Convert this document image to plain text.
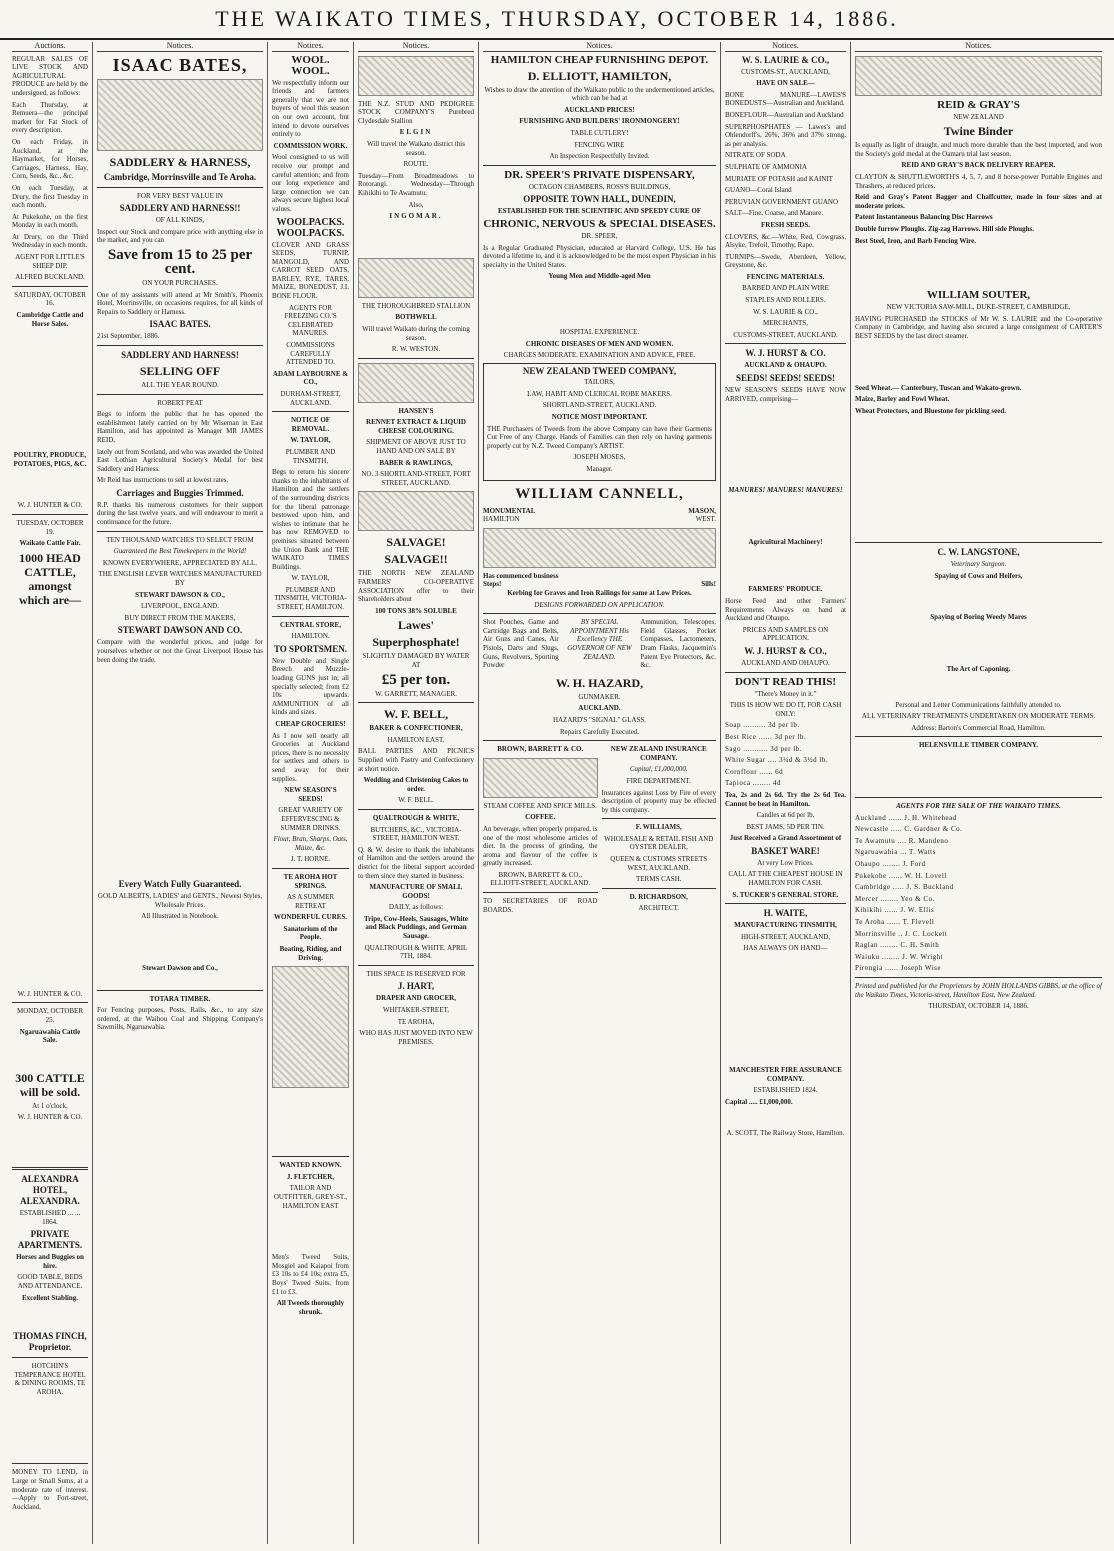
THE WAIKATO TIMES, THURSDAY, OCTOBER 14, 1886.
Auctions.

REGULAR SALES OF LIVE STOCK AND AGRICULTURAL PRODUCE are held by the undersigned, as follows:

Each Thursday, at Remuera—the principal market for Fat Stock of every description.

On each Friday, in Auckland, at the Haymarket, for Horses, Carriages, Harness, Hay, Corn, Seeds, &c., &c.

On each Tuesday, at Drury, the first Tuesday in each month.

At Pukekohe, on the first Monday in each month.

At Drury, on the Third Wednesday in each month.

AGENT FOR LITTLE'S SHEEP DIP.

ALFRED BUCKLAND.

SATURDAY, OCTOBER 16.

Cambridge Cattle and Horse Sales.

POULTRY, PRODUCE, POTATOES, PIGS, &C.

W. J. HUNTER & CO.

TUESDAY, OCTOBER 19.

Waikato Cattle Fair.

1000 HEAD CATTLE, amongst which are—

W. J. HUNTER & CO.

MONDAY, OCTOBER 25.

Ngaruawahia Cattle Sale.

300 CATTLE will be sold.

At 1 o'clock.

W. J. HUNTER & CO.

ALEXANDRA HOTEL, ALEXANDRA.

ESTABLISHED ... ... 1864.

PRIVATE APARTMENTS.

Horses and Buggies on hire.

GOOD TABLE, BEDS AND ATTENDANCE.

Excellent Stabling.

THOMAS FINCH, Proprietor.

HOTCHIN'S TEMPERANCE HOTEL & DINING ROOMS, TE AROHA.

MONEY TO LEND, in Large or Small Sums, at a moderate rate of interest.—Apply to Fort-street, Auckland.

Notices.
ISAAC BATES,
SADDLERY & HARNESS,
Cambridge, Morrinsville and Te Aroha.

FOR VERY BEST VALUE IN

SADDLERY AND HARNESS!!

OF ALL KINDS,

Inspect our Stock and compare price with anything else in the market, and you can

Save from 15 to 25 per cent.

ON YOUR PURCHASES.

One of my assistants will attend at Mr Smith's, Phoenix Hotel, Morrinsville, on occasions requires, for all kinds of Repairs to Saddlery or Harness.

ISAAC BATES.

21st September, 1886.

SADDLERY AND HARNESS!
SELLING OFF

ALL THE YEAR ROUND.

ROBERT PEAT

Begs to inform the public that he has opened the establishment lately carried on by Mr Wiseman in East Hamilton, and has appointed as Manager MR JAMES REID,

lately out from Scotland, and who was awarded the United East Lothian Agricultural Society's Medal for best Saddlery and Harness.

Mr Reid has instructions to sell at lowest rates.

Carriages and Buggies Trimmed.

R.P. thanks his numerous customers for their support during the last twelve years, and will endeavour to merit a continuance for the future.

TEN THOUSAND WATCHES TO SELECT FROM

Guaranteed the Best Timekeepers in the World!

KNOWN EVERYWHERE, APPRECIATED BY ALL.

THE ENGLISH LEVER WATCHES MANUFACTURED BY

STEWART DAWSON & CO.,

LIVERPOOL, ENGLAND.

BUY DIRECT FROM THE MAKERS,

STEWART DAWSON AND CO.

Compare with the wonderful prices, and judge for yourselves whether or not the Great Liverpool House has been doing the trade.

Every Watch Fully Guaranteed.

GOLD ALBERTS, LADIES' and GENTS., Newest Styles, Wholesale Prices.

All Illustrated in Notebook.

Stewart Dawson and Co.,

TOTARA TIMBER.

For Fencing purposes, Posts, Rails, &c., to any size ordered, at the Waihou Coal and Shipping Company's Sawmills, Ngaruawahia.

Notices.
WOOL. WOOL.

We respectfully inform our friends and farmers generally that we are not buyers of wool this season on our own account, but intend to devote ourselves entirely to

COMMISSION WORK.

Wool consigned to us will receive our prompt and careful attention; and from our long experience and large connection we can always secure highest local values.

WOOLPACKS. WOOLPACKS.

CLOVER AND GRASS SEEDS, TURNIP, MANGOLD, AND CARROT SEED OATS, BARLEY, RYE, TARES, MAIZE, BONEDUST, J.I. BONE FLOUR.

AGENTS FOR FREEZING CO.'S CELEBRATED MANURES.

COMMISSIONS CAREFULLY ATTENDED TO.

ADAM LAYBOURNE & CO.,

DURHAM-STREET, AUCKLAND.

NOTICE OF REMOVAL.

W. TAYLOR,

PLUMBER AND TINSMITH,

Begs to return his sincere thanks to the inhabitants of Hamilton and the settlers of the surrounding districts for the liberal patronage bestowed upon him, and wishes to intimate that he has now REMOVED to premises situated between the Union Bank and THE WAIKATO TIMES Buildings.

W. TAYLOR,

PLUMBER AND TINSMITH, VICTORIA-STREET, HAMILTON.

CENTRAL STORE,

HAMILTON.

TO SPORTSMEN.

New Double and Single Breech and Muzzle-loading GUNS just in; all specially selected; from £2 10s upwards. AMMUNITION of all kinds and sizes.

CHEAP GROCERIES!

As I now sell nearly all Groceries at Auckland prices, there is no necessity for settlers and others to send away for their supplies.

NEW SEASON'S SEEDS!

GREAT VARIETY OF EFFERVESCING & SUMMER DRINKS.

Flour, Bran, Sharps, Oats, Maize, &c.

J. T. HORNE.

TE AROHA HOT SPRINGS.

AS A SUMMER RETREAT

WONDERFUL CURES.

Sanatorium of the People.

Boating, Riding, and Driving.

WANTED KNOWN.

J. FLETCHER,

TAILOR AND OUTFITTER, GREY-ST., HAMILTON EAST

Men's Tweed Suits, Mosgiel and Kaiapoi from £3 10s to £4 10s; extra £5, Boys' Tweed Suits, from £1 to £3.

All Tweeds thoroughly shrunk.

Notices.

THE N.Z. STUD AND PEDIGREE STOCK COMPANY'S Purebred Clydesdale Stallion

ELGIN

Will travel the Waikato district this season.

ROUTE.

Tuesday—From Broadmeadows to Rotorangi. Wednesday—Through Kihikihi to Te Awamutu.

Also,

INGOMAR.

THE THOROUGHBRED STALLION

BOTHWELL

Will travel Waikato during the coming season.

R. W. WESTON.

HANSEN'S

RENNET EXTRACT & LIQUID CHEESE COLOURING.

SHIPMENT OF ABOVE JUST TO HAND AND ON SALE BY

BABER & RAWLINGS,

NO. 3 SHORTLAND-STREET, FORT STREET, AUCKLAND.

SALVAGE!
SALVAGE!!

THE NORTH NEW ZEALAND FARMERS' CO-OPERATIVE ASSOCIATION offer to their Shareholders about

100 TONS 38% SOLUBLE

Lawes'
Superphosphate!

SLIGHTLY DAMAGED BY WATER AT

£5 per ton.

W. GARRETT, MANAGER.

W. F. BELL,

BAKER & CONFECTIONER,

HAMILTON EAST.

BALL PARTIES AND PICNICS Supplied with Pastry and Confectionery at short notice.

Wedding and Christening Cakes to order.

W. F. BELL.

QUALTROUGH & WHITE,

BUTCHERS, &C., VICTORIA-STREET, HAMILTON WEST.

Q. & W. desire to thank the inhabitants of Hamilton and the settlers around the district for the liberal support accorded to them since they started in business.

MANUFACTURE OF SMALL GOODS!

DAILY, as follows:

Tripe, Cow-Heels, Sausages, White and Black Puddings, and German Sausage.

QUALTROUGH & WHITE. APRIL 7TH, 1884.

THIS SPACE IS RESERVED FOR

J. HART,

DRAPER AND GROCER,

WHITAKER-STREET,

TE AROHA,

WHO HAS JUST MOVED INTO NEW PREMISES.

Notices.
HAMILTON CHEAP FURNISHING DEPOT.
D. ELLIOTT, HAMILTON,

Wishes to draw the attention of the Waikato public to the undermentioned articles, which can be had at

AUCKLAND PRICES!

FURNISHING AND BUILDERS' IRONMONGERY!

TABLE CUTLERY!

FENCING WIRE

An Inspection Respectfully Invited.

DR. SPEER'S PRIVATE DISPENSARY,

OCTAGON CHAMBERS, ROSS'S BUILDINGS,

OPPOSITE TOWN HALL, DUNEDIN,

ESTABLISHED FOR THE SCIENTIFIC AND SPEEDY CURE OF

CHRONIC, NERVOUS & SPECIAL DISEASES.

DR. SPEER,

Is a Regular Graduated Physician, educated at Harvard College, U.S. He has devoted a lifetime to, and it is acknowledged to be the most expert Physician in his specialty in the United States.

Young Men and Middle-aged Men

HOSPITAL EXPERIENCE.

CHRONIC DISEASES OF MEN AND WOMEN.

CHARGES MODERATE. EXAMINATION AND ADVICE, FREE.

NEW ZEALAND TWEED COMPANY,

TAILORS,

LAW, HABIT AND CLERICAL ROBE MAKERS.

SHORTLAND-STREET, AUCKLAND.

NOTICE MOST IMPORTANT.

THE Purchasers of Tweeds from the above Company can have their Garments Cut Free of any Charge. Hands of Families can then rely on having garments properly cut by N.Z. Tweed Company's ARTIST.

JOSEPH MOSES,

Manager.

WILLIAM CANNELL,
MONUMENTAL	MASON,
HAMILTON	WEST.
Has commenced business
Steps!	Sills!

Kerbing for Graves and Iron Railings for same at Low Prices.

DESIGNS FORWARDED ON APPLICATION.

Shot Pouches, Game and Cartridge Bags and Belts, Air Guns and Canes, Air Pistols, Darts and Slugs, Guns, Revolvers, Sporting Powder

BY SPECIAL APPOINTMENT His Excellency THE GOVERNOR OF NEW ZEALAND.

Ammunition, Telescopes, Field Glasses, Pocket Compasses, Lactometers, Dram Flasks, Jacquemin's Patent Eye Protectors, &c. &c.

W. H. HAZARD,

GUNMAKER.

AUCKLAND.

HAZARD'S "SIGNAL" GLASS.

Repairs Carefully Executed.

BROWN, BARRETT & CO.

STEAM COFFEE AND SPICE MILLS.

COFFEE.

An beverage, when properly prepared, is one of the most wholesome articles of diet. In the process of grinding, the aroma and flavour of the coffee is greatly increased.

BROWN, BARRETT & CO., ELLIOTT-STREET, AUCKLAND.

TO SECRETARIES OF ROAD BOARDS.

NEW ZEALAND INSURANCE COMPANY.

Capital, £1,000,000.

FIRE DEPARTMENT.

Insurances against Loss by Fire of every description of property may be effected by this company.

F. WILLIAMS,

WHOLESALE & RETAIL FISH AND OYSTER DEALER,

QUEEN & CUSTOMS STREETS WEST, AUCKLAND.

TERMS CASH.

D. RICHARDSON,

ARCHITECT.

Notices.
W. S. LAURIE & CO.,

CUSTOMS-ST., AUCKLAND,

HAVE ON SALE—

BONE MANURE—LAWES'S BONEDUSTS—Australian and Auckland.

BONEFLOUR—Australian and Auckland

SUPERPHOSPHATES — Lawes's and Ohlendorff's, 26%, 36% and 37% strong, as per analysis.

NITRATE OF SODA

SULPHATE OF AMMONIA

MURIATE OF POTASH and KAINIT

GUANO—Coral Island

PERUVIAN GOVERNMENT GUANO

SALT—Fine, Coarse, and Manure.

FRESH SEEDS.

CLOVERS, &c.—White, Red, Cowgrass, Alsyke, Trefoil, Timothy, Rape.

TURNIPS—Swede, Aberdeen, Yellow, Greystone, &c.

FENCING MATERIALS.

BARBED AND PLAIN WIRE

STAPLES AND ROLLERS.

W. S. LAURIE & CO.,

MERCHANTS,

CUSTOMS-STREET, AUCKLAND.

W. J. HURST & CO.

AUCKLAND & OHAUPO.

SEEDS! SEEDS! SEEDS!

NEW SEASON'S SEEDS HAVE NOW ARRIVED, comprising—

MANURES! MANURES! MANURES!

Agricultural Machinery!

FARMERS' PRODUCE.

Horse Feed and other Farmers' Requirements Always on hand at Auckland and Ohaupo.

PRICES AND SAMPLES ON APPLICATION.

W. J. HURST & CO.,

AUCKLAND AND OHAUPO.

DON'T READ THIS!

"There's Money in it."

THIS IS HOW WE DO IT, FOR CASH ONLY:

Soap .......... 3d per lb.

Best Rice ...... 3d per lb.

Sago ........... 3d per lb.

White Sugar .... 3¼d & 3½d lb.

Cornflour ...... 6d

Tapioca ........ 4d

Tea, 2s and 2s 6d. Try the 2s 6d Tea. Cannot be beat in Hamilton.

Candles at 6d per lb.

BEST JAMS, 5D PER TIN.

Just Received a Grand Assortment of

BASKET WARE!

At very Low Prices.

CALL AT THE CHEAPEST HOUSE IN HAMILTON FOR CASH.

S. TUCKER'S GENERAL STORE.

H. WAITE,

MANUFACTURING TINSMITH,

HIGH-STREET, AUCKLAND,

HAS ALWAYS ON HAND—

MANCHESTER FIRE ASSURANCE COMPANY.

ESTABLISHED 1824.

Capital ..... £1,000,000.

A. SCOTT, The Railway Store, Hamilton.

Notices.
REID & GRAY'S

NEW ZEALAND

Twine Binder

Is equally as light of draught, and much more durable than the best imported, and won the Society's gold medal at the Oamaru trial last season.

REID AND GRAY'S BACK DELIVERY REAPER.

CLAYTON & SHUTTLEWORTH'S 4, 5, 7, and 8 horse-power Portable Engines and Thrashers, at reduced prices.

Reid and Gray's Patent Bagger and Chaffcutter, made in four sizes and at moderate prices.

Patent Instantaneous Balancing Disc Harrows

Double furrow Ploughs. Zig-zag Harrows. Hill side Ploughs.

Best Steel, Iron, and Barb Fencing Wire.

WILLIAM SOUTER,

NEW VICTORIA SAW-MILL, DUKE-STREET, CAMBRIDGE,

HAVING PURCHASED the STOCKS of Mr W. S. LAURIE and the Co-operative Company in Cambridge, and having also secured a large consignment of CARTER'S BEST SEEDS by the last direct steamer.

Seed Wheat.— Canterbury, Tuscan and Wakato-grown.

Maize, Barley and Fowl Wheat.

Wheat Protectors, and Bluestone for pickling seed.

C. W. LANGSTONE,

Veterinary Surgeon.

Spaying of Cows and Heifers,

Spaying of Boring Weedy Mares

The Art of Caponing.

Personal and Letter Communications faithfully attended to.

ALL VETERINARY TREATMENTS UNDERTAKEN ON MODERATE TERMS.

Address: Barton's Commercial Road, Hamilton.

HELENSVILLE TIMBER COMPANY.

AGENTS FOR THE SALE OF THE WAIKATO TIMES.

Auckland ...... J. H. Whitehead

Newcastle ..... C. Gardner & Co.

Te Awamutu .... R. Mandeno

Ngaruawahia ... T. Watts

Ohaupo ........ J. Ford

Pukekohe ...... W. H. Lovell

Cambridge ..... J. S. Buckland

Mercer ........ Yeo & Co.

Kihikihi ...... J. W. Ellis

Te Aroha ...... T. Flevell

Morrinsville .. J. C. Lockett

Raglan ........ C. H. Smith

Waiuku ........ J. W. Wright

Pirongia ...... Joseph Wise

Printed and published for the Proprietors by JOHN HOLLANDS GIBBS, at the office of the Waikato Times, Victoria-street, Hamilton East, New Zealand.

THURSDAY, OCTOBER 14, 1886.
